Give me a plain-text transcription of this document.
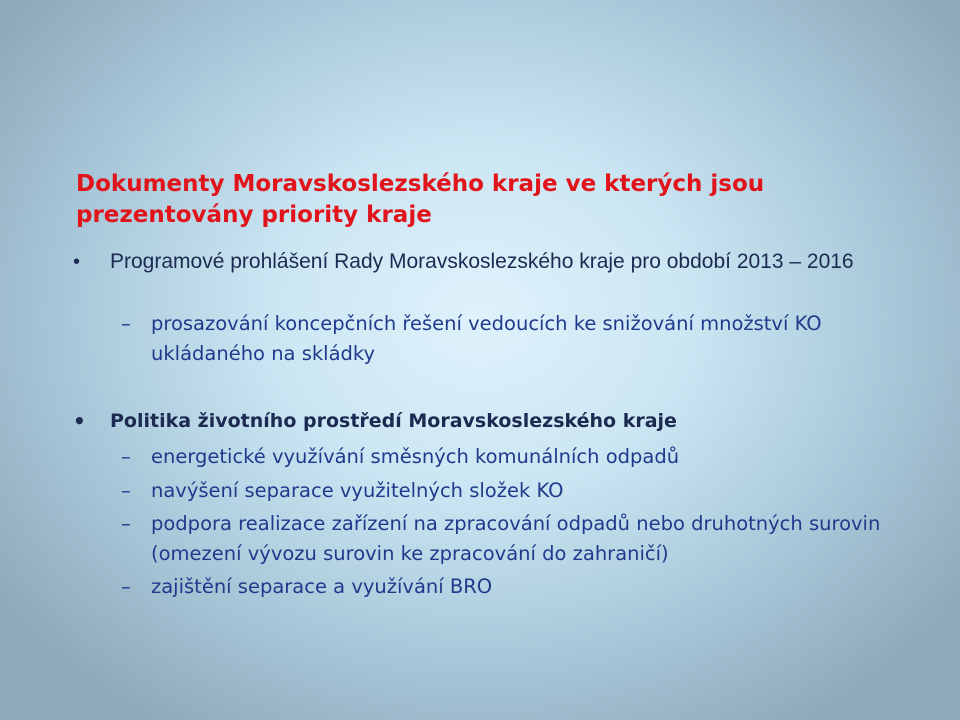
Dokumenty Moravskoslezského kraje ve kterých jsou prezentovány priority kraje
• Programové prohlášení Rady Moravskoslezského kraje pro období 2013 – 2016
– prosazování koncepčních řešení vedoucích ke snižování množství KO ukládaného na skládky
• Politika životního prostředí Moravskoslezského kraje
– energetické využívání směsných komunálních odpadů
– navýšení separace využitelných složek KO
– podpora realizace zařízení na zpracování odpadů nebo druhotných surovin (omezení vývozu surovin ke zpracování do zahraničí)
– zajištění separace a využívání BRO
